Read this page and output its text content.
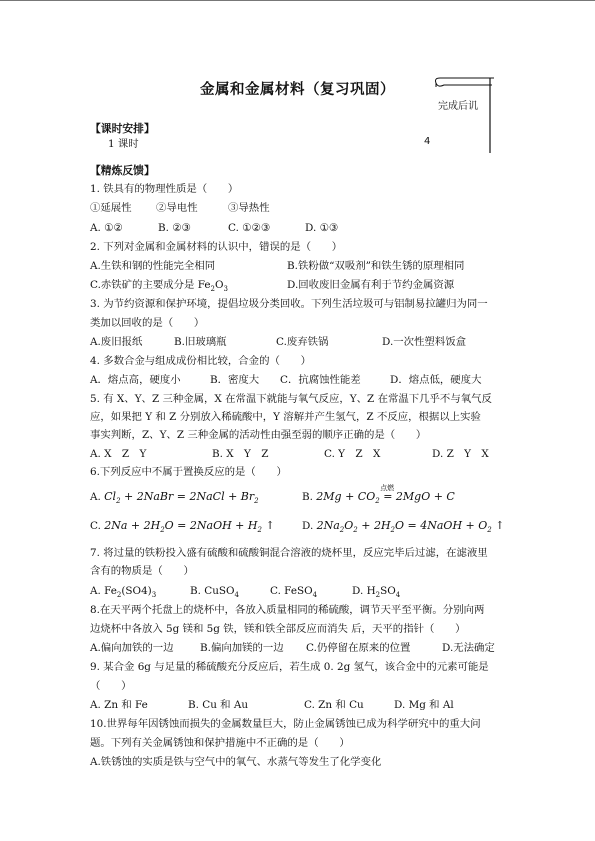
金属和金属材料（复习巩固）
完成后讥
4
【课时安排】
1 课时
【精炼反馈】
1. 铁具有的物理性质是（　　）
①延展性 ②导电性	③导热性
A. ①②	B. ②③	C. ①②③	D. ①③
2. 下列对金属和金属材料的认识中，错误的是（　　）
A.生铁和钢的性能完全相同	B.铁粉做“双吸剂”和铁生锈的原理相同
C.赤铁矿的主要成分是 $Fe_2O_3$	D.回收废旧金属有利于节约金属资源
3. 为节约资源和保护环境，提倡垃圾分类回收。下列生活垃圾可与铝制易拉罐归为同一
类加以回收的是（　　）
A.废旧报纸	B.旧玻璃瓶	C.废弃铁锅	D.一次性塑料饭盒
4. 多数合金与组成成份相比较，合金的（　　）
A．熔点高，硬度小	B．密度大 C．抗腐蚀性能差	D．熔点低，硬度大
5. 有 X、Y、Z 三种金属，X 在常温下就能与氧气反应，Y、Z 在常温下几乎不与氧气反
应，如果把 Y 和 Z 分别放入稀硫酸中，Y 溶解并产生氢气，Z 不反应，根据以上实验
事实判断，Z、Y、Z 三种金属的活动性由强至弱的顺序正确的是（　　）
A. X　Z　Y	B. X　Y　Z	C. Y　Z　X	D. Z　Y　X
6.下列反应中不属于置换反应的是（　　）
A. $Cl_2$ + 2NaBr = 2NaCl + $Br_2$	B. $2Mg + CO_2$ =
点燃
2MgO + C
C. $2Na + 2H_2O$ = 2NaOH + $H_2$ ↑	D. $2Na_2O_2 + 2H_2O$ = 4NaOH + $O_2$ ↑
7. 将过量的铁粉投入盛有硫酸和硫酸铜混合溶液的烧杯里，反应完毕后过滤，在滤液里
含有的物质是（　　）
A. $Fe_2(SO4)_3$	B. CuSO$_4$	C. FeSO$_4$	D. $H_2SO_4$
8.在天平两个托盘上的烧杯中，各放入质量相同的稀硫酸，调节天平至平衡。分别向两
边烧杯中各放入 5g 镁和 5g 铁，镁和铁全部反应而消失 后，天平的指针（　　）
A.偏向加铁的一边	B.偏向加镁的一边 C.仍停留在原来的位置	D.无法确定
9. 某合金 6g 与足量的稀硫酸充分反应后，若生成 0. 2g 氢气，该合金中的元素可能是
（　　）
A. Zn 和 Fe	B. Cu 和 Au	C. Zn 和 Cu	D. Mg 和 Al
10.世界每年因锈蚀而损失的金属数量巨大，防止金属锈蚀已成为科学研究中的重大问
题。下列有关金属锈蚀和保护措施中不正确的是（　　）
A.铁锈蚀的实质是铁与空气中的氧气、水蒸气等发生了化学变化
